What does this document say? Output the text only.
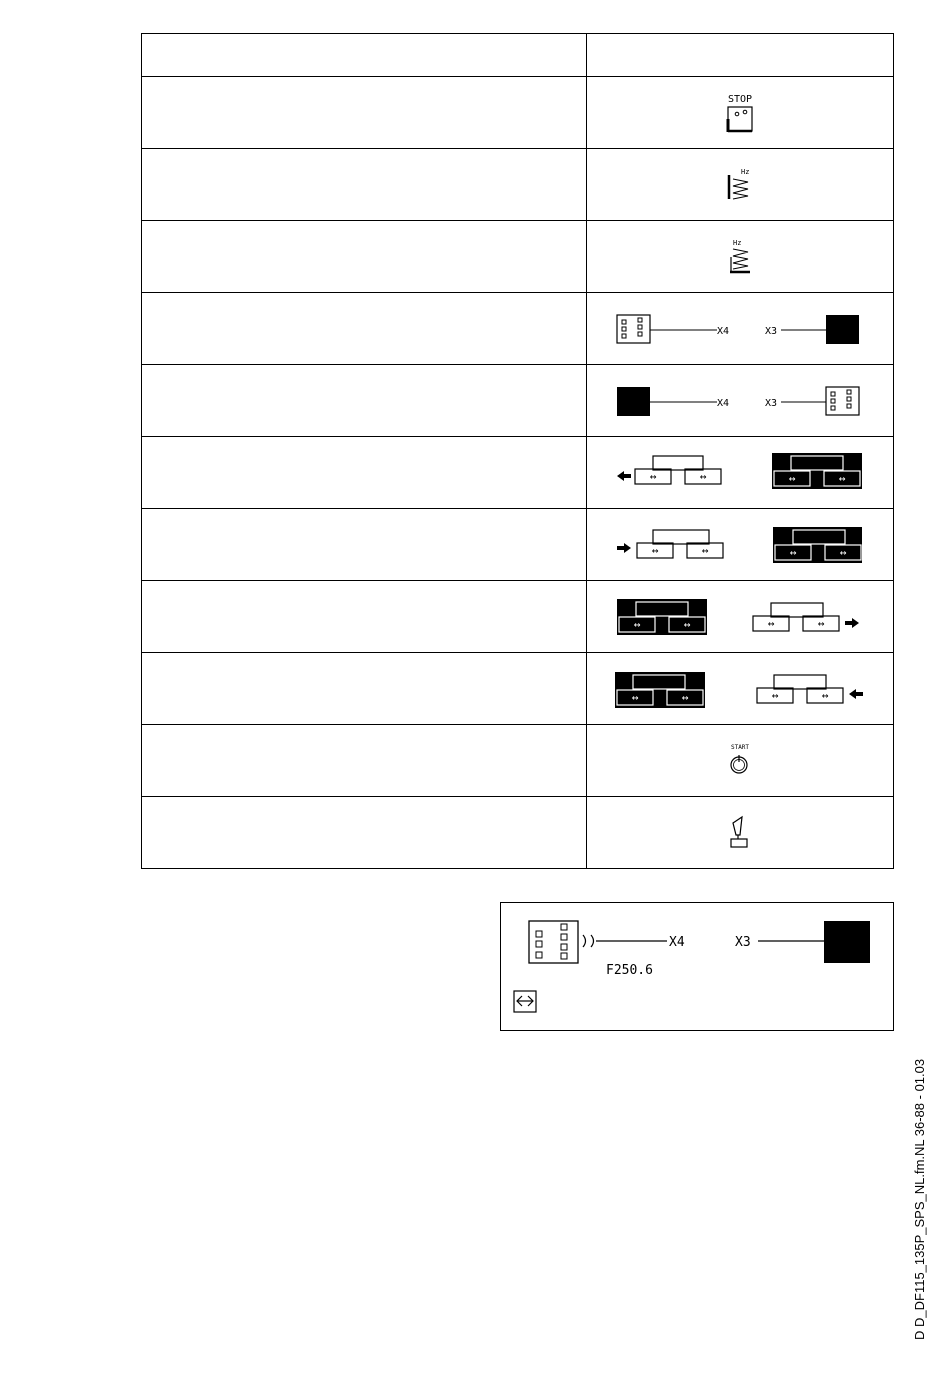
STOP

Hz

Hz

X4 X3

X4 X3

↔ ↔ ↔ ↔

↔ ↔ ↔ ↔

↔ ↔ ↔ ↔

↔ ↔ ↔ ↔

START

X4	X3
F250.6
D D_DF115_135P_SPS_NL.fm.NL 36-88 - 01.03
